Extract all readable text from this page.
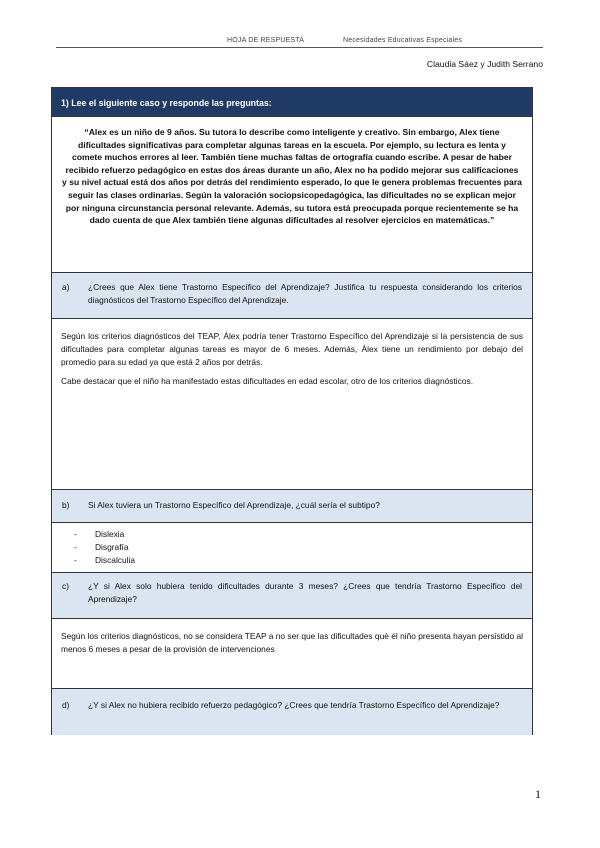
HOJA DE RESPUESTA	Necesidades Educativas Especiales
Claudia Sáez y Judith Serrano
1) Lee el siguiente caso y responde las preguntas:
“Alex es un niño de 9 años. Su tutora lo describe como inteligente y creativo. Sin embargo, Alex tiene dificultades significativas para completar algunas tareas en la escuela. Por ejemplo, su lectura es lenta y comete muchos errores al leer. También tiene muchas faltas de ortografía cuando escribe. A pesar de haber recibido refuerzo pedagógico en estas dos áreas durante un año, Alex no ha podido mejorar sus calificaciones y su nivel actual está dos años por detrás del rendimiento esperado, lo que le genera problemas frecuentes para seguir las clases ordinarias. Según la valoración sociopsicopedagógica, las dificultades no se explican mejor por ninguna circunstancia personal relevante. Además, su tutora está preocupada porque recientemente se ha dado cuenta de que Alex también tiene algunas dificultades al resolver ejercicios en matemáticas.”
a) ¿Crees que Alex tiene Trastorno Específico del Aprendizaje? Justifica tu respuesta considerando los criterios diagnósticos del Trastorno Específico del Aprendizaje.

Según los criterios diagnósticos del TEAP, Álex podría tener Trastorno Específico del Aprendizaje si la persistencia de sus dificultades para completar algunas tareas es mayor de 6 meses. Además, Álex tiene un rendimiento por debajo del promedio para su edad ya que está 2 años por detrás.

Cabe destacar que el niño ha manifestado estas dificultades en edad escolar, otro de los criterios diagnósticos.

b) Si Alex tuviera un Trastorno Específico del Aprendizaje, ¿cuál sería el subtipo?
- Dislexia
- Disgrafía
- Discalculia
c) ¿Y si Alex solo hubiera tenido dificultades durante 3 meses? ¿Crees que tendría Trastorno Específico del Aprendizaje?
Según los criterios diagnósticos, no se considera TEAP a no ser que las dificultades què él niño presenta hayan persistido al menos 6 meses a pesar de la provisión de intervenciones
d) ¿Y si Alex no hubiera recibido refuerzo pedagógico? ¿Crees que tendría Trastorno Específico del Aprendizaje?
1
